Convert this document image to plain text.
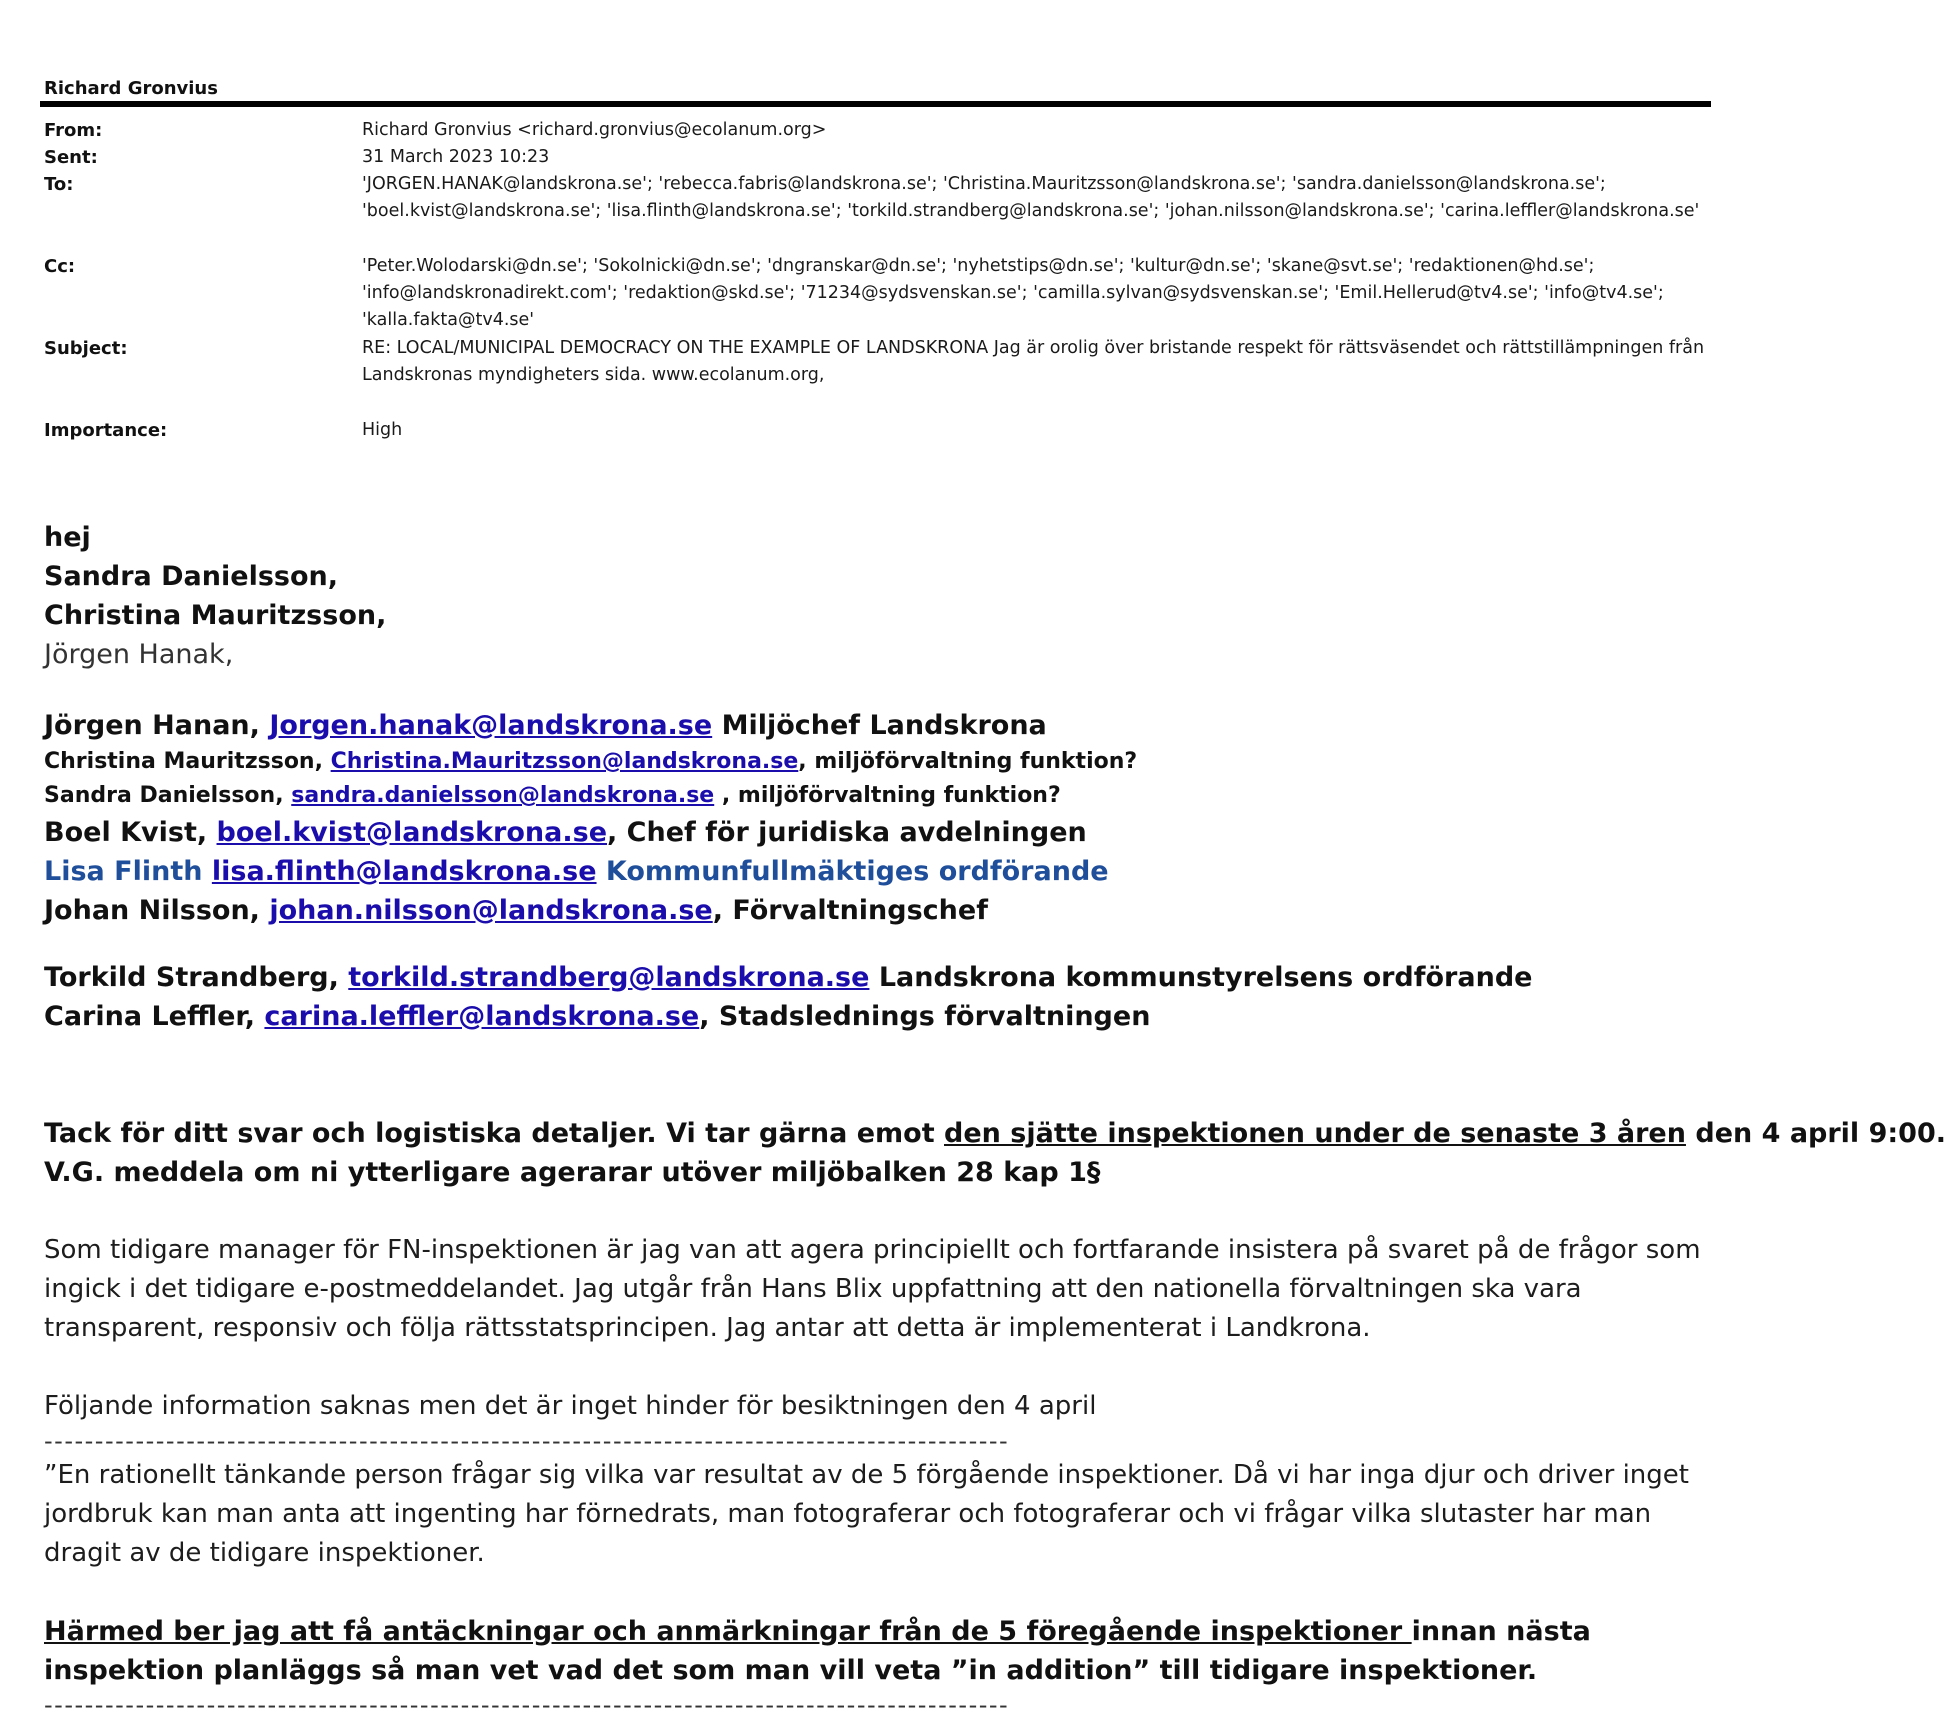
Richard Gronvius
From:	Richard Gronvius <richard.gronvius@ecolanum.org>
Sent:	31 March 2023 10:23
To:	'JORGEN.HANAK@landskrona.se'; 'rebecca.fabris@landskrona.se'; 'Christina.Mauritzsson@landskrona.se'; 'sandra.danielsson@landskrona.se'; 'boel.kvist@landskrona.se'; 'lisa.flinth@landskrona.se'; 'torkild.strandberg@landskrona.se'; 'johan.nilsson@landskrona.se'; 'carina.leffler@landskrona.se'
Cc:	'Peter.Wolodarski@dn.se'; 'Sokolnicki@dn.se'; 'dngranskar@dn.se'; 'nyhetstips@dn.se'; 'kultur@dn.se'; 'skane@svt.se'; 'redaktionen@hd.se'; 'info@landskronadirekt.com'; 'redaktion@skd.se'; '71234@sydsvenskan.se'; 'camilla.sylvan@sydsvenskan.se'; 'Emil.Hellerud@tv4.se'; 'info@tv4.se'; 'kalla.fakta@tv4.se'
Subject:	RE: LOCAL/MUNICIPAL DEMOCRACY ON THE EXAMPLE OF LANDSKRONA Jag är orolig över bristande respekt för rättsväsendet och rättstillämpningen från Landskronas myndigheters sida. www.ecolanum.org,
Importance:	High
hej
Sandra Danielsson,
Christina Mauritzsson,
Jörgen Hanak,
Jörgen Hanan, Jorgen.hanak@landskrona.se Miljöchef Landskrona
Christina Mauritzsson, Christina.Mauritzsson@landskrona.se, miljöförvaltning funktion?
Sandra Danielsson, sandra.danielsson@landskrona.se , miljöförvaltning funktion?
Boel Kvist, boel.kvist@landskrona.se, Chef för juridiska avdelningen
Lisa Flinth lisa.flinth@landskrona.se Kommunfullmäktiges ordförande
Johan Nilsson, johan.nilsson@landskrona.se, Förvaltningschef
Torkild Strandberg, torkild.strandberg@landskrona.se Landskrona kommunstyrelsens ordförande
Carina Leffler, carina.leffler@landskrona.se, Stadslednings förvaltningen
Tack för ditt svar och logistiska detaljer. Vi tar gärna emot den sjätte inspektionen under de senaste 3 åren den 4 april 9:00.
V.G. meddela om ni ytterligare agerarar utöver miljöbalken 28 kap 1§
Som tidigare manager för FN-inspektionen är jag van att agera principiellt och fortfarande insistera på svaret på de frågor som ingick i det tidigare e-postmeddelandet. Jag utgår från Hans Blix uppfattning att den nationella förvaltningen ska vara transparent, responsiv och följa rättsstatsprincipen. Jag antar att detta är implementerat i Landkrona.
Följande information saknas men det är inget hinder för besiktningen den 4 april
-----------------------------------------------------------------------------------------------
”En rationellt tänkande person frågar sig vilka var resultat av de 5 förgående inspektioner. Då vi har inga djur och driver inget jordbruk kan man anta att ingenting har förnedrats, man fotograferar och fotograferar och vi frågar vilka slutaster har man dragit av de tidigare inspektioner.
Härmed ber jag att få antäckningar och anmärkningar från de 5 föregående inspektioner innan nästa inspektion planläggs så man vet vad det som man vill veta ”in addition” till tidigare inspektioner.
-----------------------------------------------------------------------------------------------
